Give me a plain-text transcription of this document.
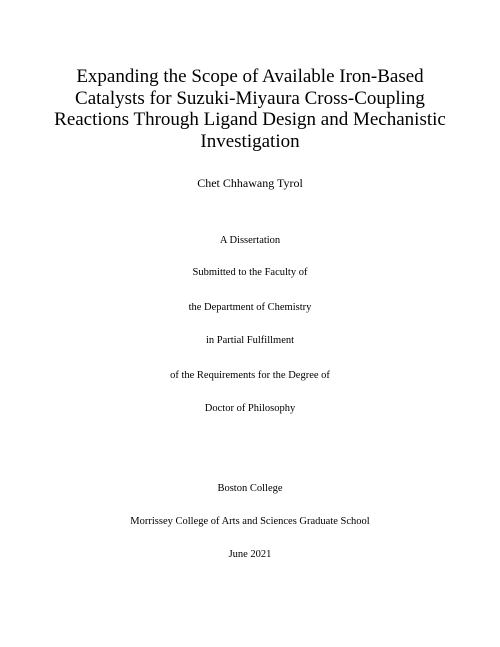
Expanding the Scope of Available Iron-Based
Catalysts for Suzuki-Miyaura Cross-Coupling
Reactions Through Ligand Design and Mechanistic
Investigation
Chet Chhawang Tyrol
A Dissertation
Submitted to the Faculty of
the Department of Chemistry
in Partial Fulfillment
of the Requirements for the Degree of
Doctor of Philosophy
Boston College
Morrissey College of Arts and Sciences Graduate School
June 2021
